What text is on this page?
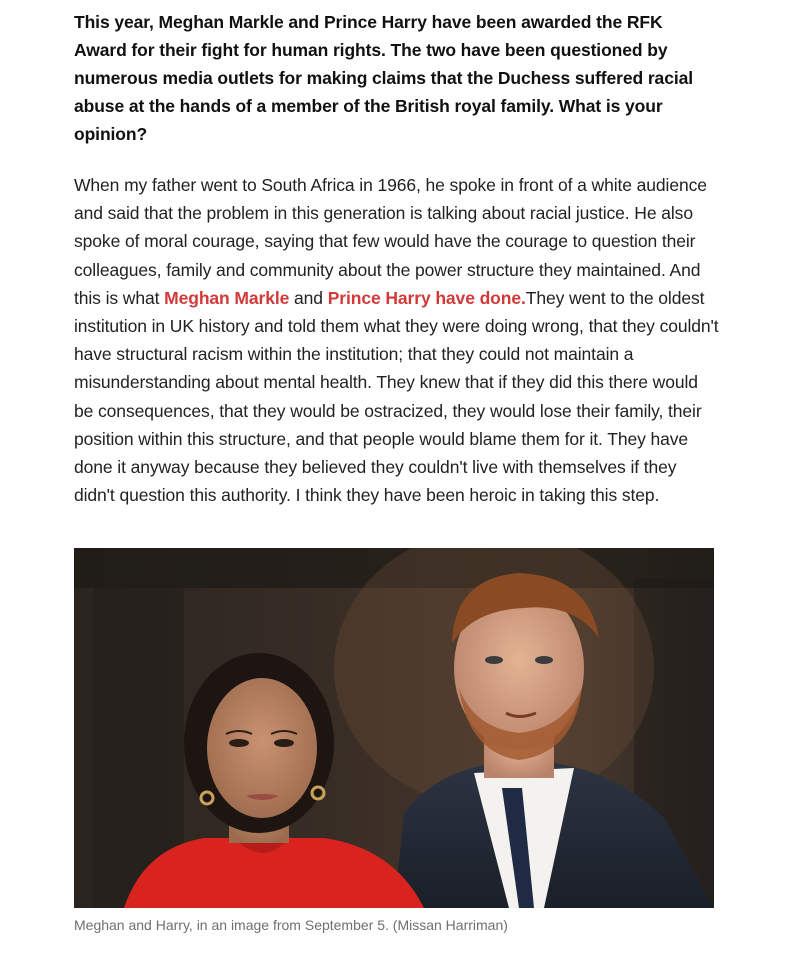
This year, Meghan Markle and Prince Harry have been awarded the RFK Award for their fight for human rights. The two have been questioned by numerous media outlets for making claims that the Duchess suffered racial abuse at the hands of a member of the British royal family. What is your opinion?

When my father went to South Africa in 1966, he spoke in front of a white audience and said that the problem in this generation is talking about racial justice. He also spoke of moral courage, saying that few would have the courage to question their colleagues, family and community about the power structure they maintained. And this is what Meghan Markle and Prince Harry have done.They went to the oldest institution in UK history and told them what they were doing wrong, that they couldn't have structural racism within the institution; that they could not maintain a misunderstanding about mental health. They knew that if they did this there would be consequences, that they would be ostracized, they would lose their family, their position within this structure, and that people would blame them for it. They have done it anyway because they believed they couldn't live with themselves if they didn't question this authority. I think they have been heroic in taking this step.

Meghan and Harry, in an image from September 5. (Missan Harriman)
